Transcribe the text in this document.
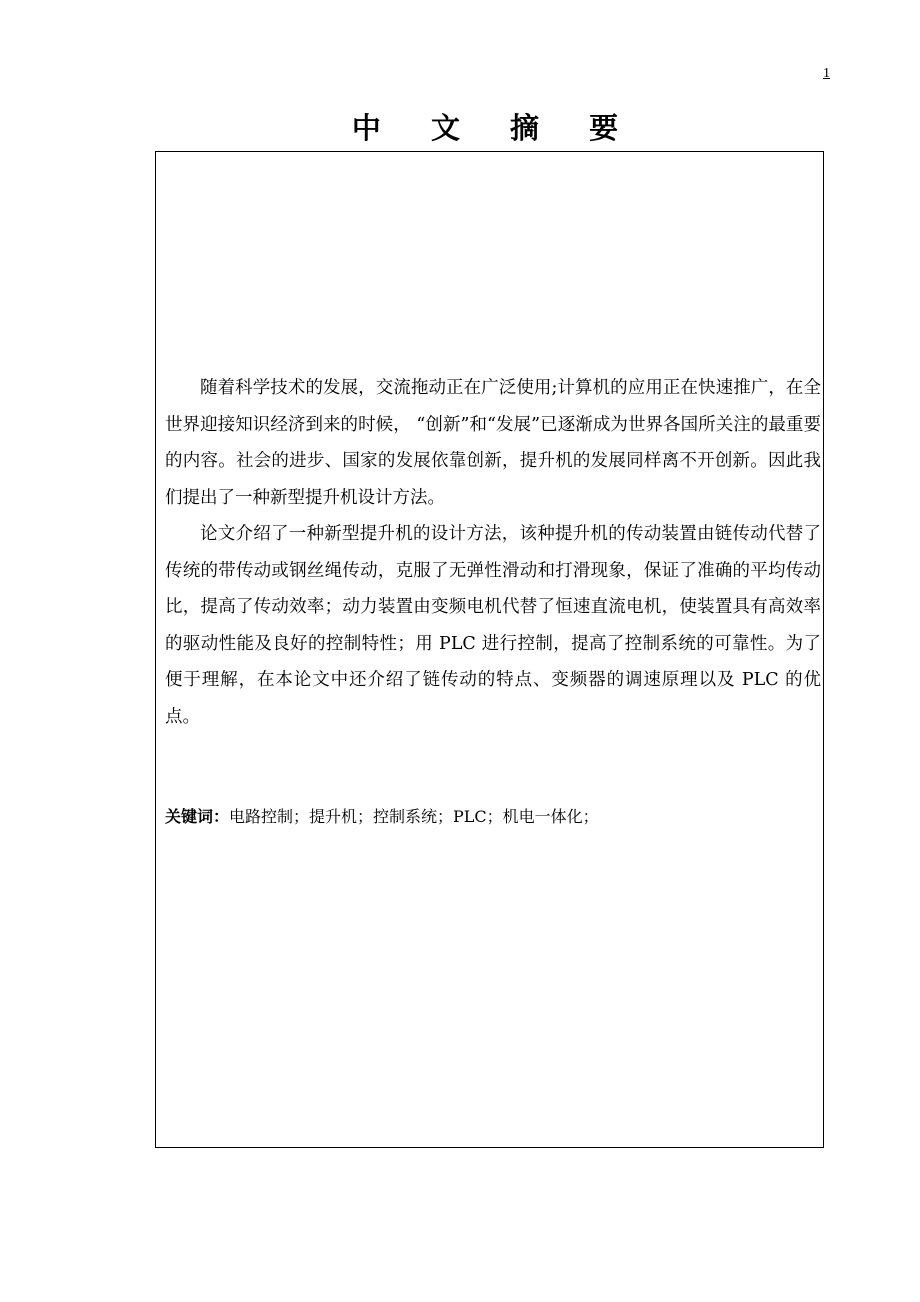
1
中 文 摘 要

随着科学技术的发展，交流拖动正在广泛使用;计算机的应用正在快速推广，在全世界迎接知识经济到来的时候， “创新”和“发展”已逐渐成为世界各国所关注的最重要的内容。社会的进步、国家的发展依靠创新，提升机的发展同样离不开创新。因此我们提出了一种新型提升机设计方法。

论文介绍了一种新型提升机的设计方法，该种提升机的传动装置由链传动代替了传统的带传动或钢丝绳传动，克服了无弹性滑动和打滑现象，保证了准确的平均传动比，提高了传动效率；动力装置由变频电机代替了恒速直流电机，使装置具有高效率的驱动性能及良好的控制特性；用 PLC 进行控制，提高了控制系统的可靠性。为了便于理解，在本论文中还介绍了链传动的特点、变频器的调速原理以及 PLC 的优点。

关键词：电路控制；提升机；控制系统；PLC；机电一体化；
